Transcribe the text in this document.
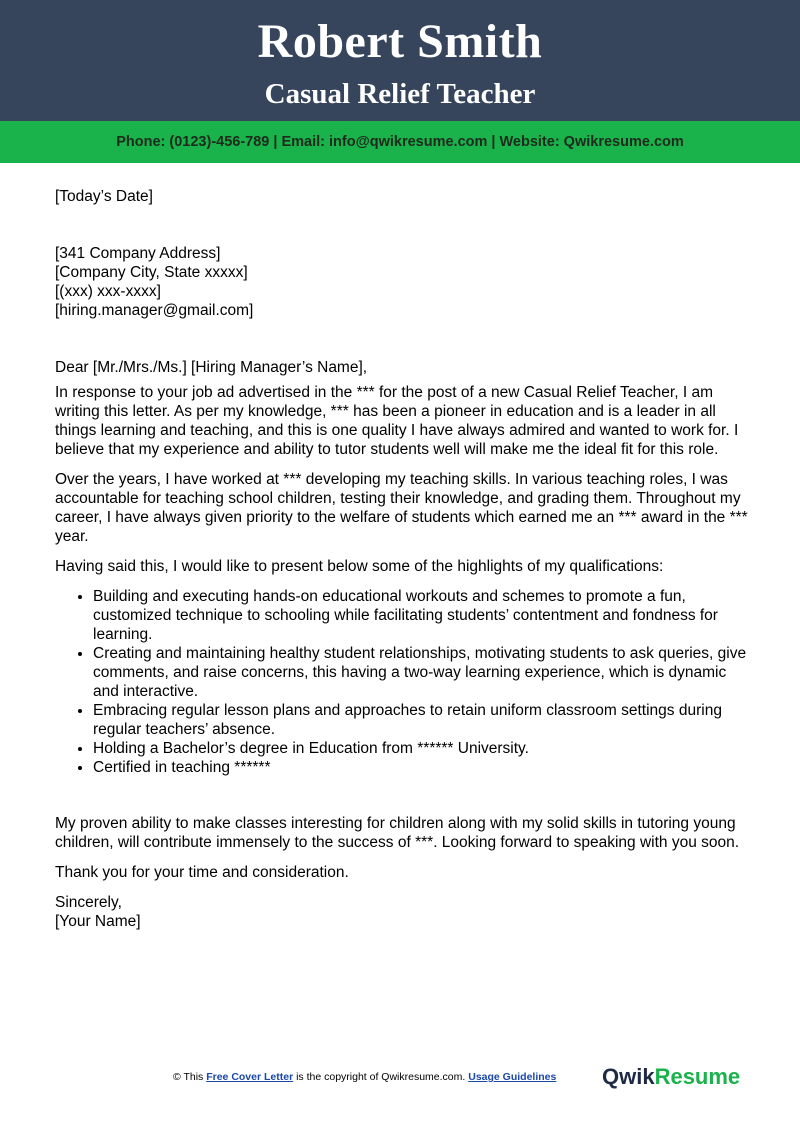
Robert Smith
Casual Relief Teacher
Phone: (0123)-456-789 | Email: info@qwikresume.com | Website: Qwikresume.com

[Today’s Date]

[341 Company Address]

[Company City, State xxxxx]

[(xxx) xxx-xxxx]

[hiring.manager@gmail.com]

Dear [Mr./Mrs./Ms.] [Hiring Manager’s Name],

In response to your job ad advertised in the *** for the post of a new Casual Relief Teacher, I am writing this letter. As per my knowledge, *** has been a pioneer in education and is a leader in all things learning and teaching, and this is one quality I have always admired and wanted to work for. I believe that my experience and ability to tutor students well will make me the ideal fit for this role.

Over the years, I have worked at *** developing my teaching skills. In various teaching roles, I was accountable for teaching school children, testing their knowledge, and grading them. Throughout my career, I have always given priority to the welfare of students which earned me an *** award in the *** year.

Having said this, I would like to present below some of the highlights of my qualifications:

• Building and executing hands-on educational workouts and schemes to promote a fun, customized technique to schooling while facilitating students’ contentment and fondness for learning.
• Creating and maintaining healthy student relationships, motivating students to ask queries, give comments, and raise concerns, this having a two-way learning experience, which is dynamic and interactive.
• Embracing regular lesson plans and approaches to retain uniform classroom settings during regular teachers’ absence.
• Holding a Bachelor’s degree in Education from ****** University.
• Certified in teaching ******

My proven ability to make classes interesting for children along with my solid skills in tutoring young children, will contribute immensely to the success of ***. Looking forward to speaking with you soon.

Thank you for your time and consideration.

Sincerely,

[Your Name]

© This Free Cover Letter is the copyright of Qwikresume.com. Usage Guidelines QwikResume
